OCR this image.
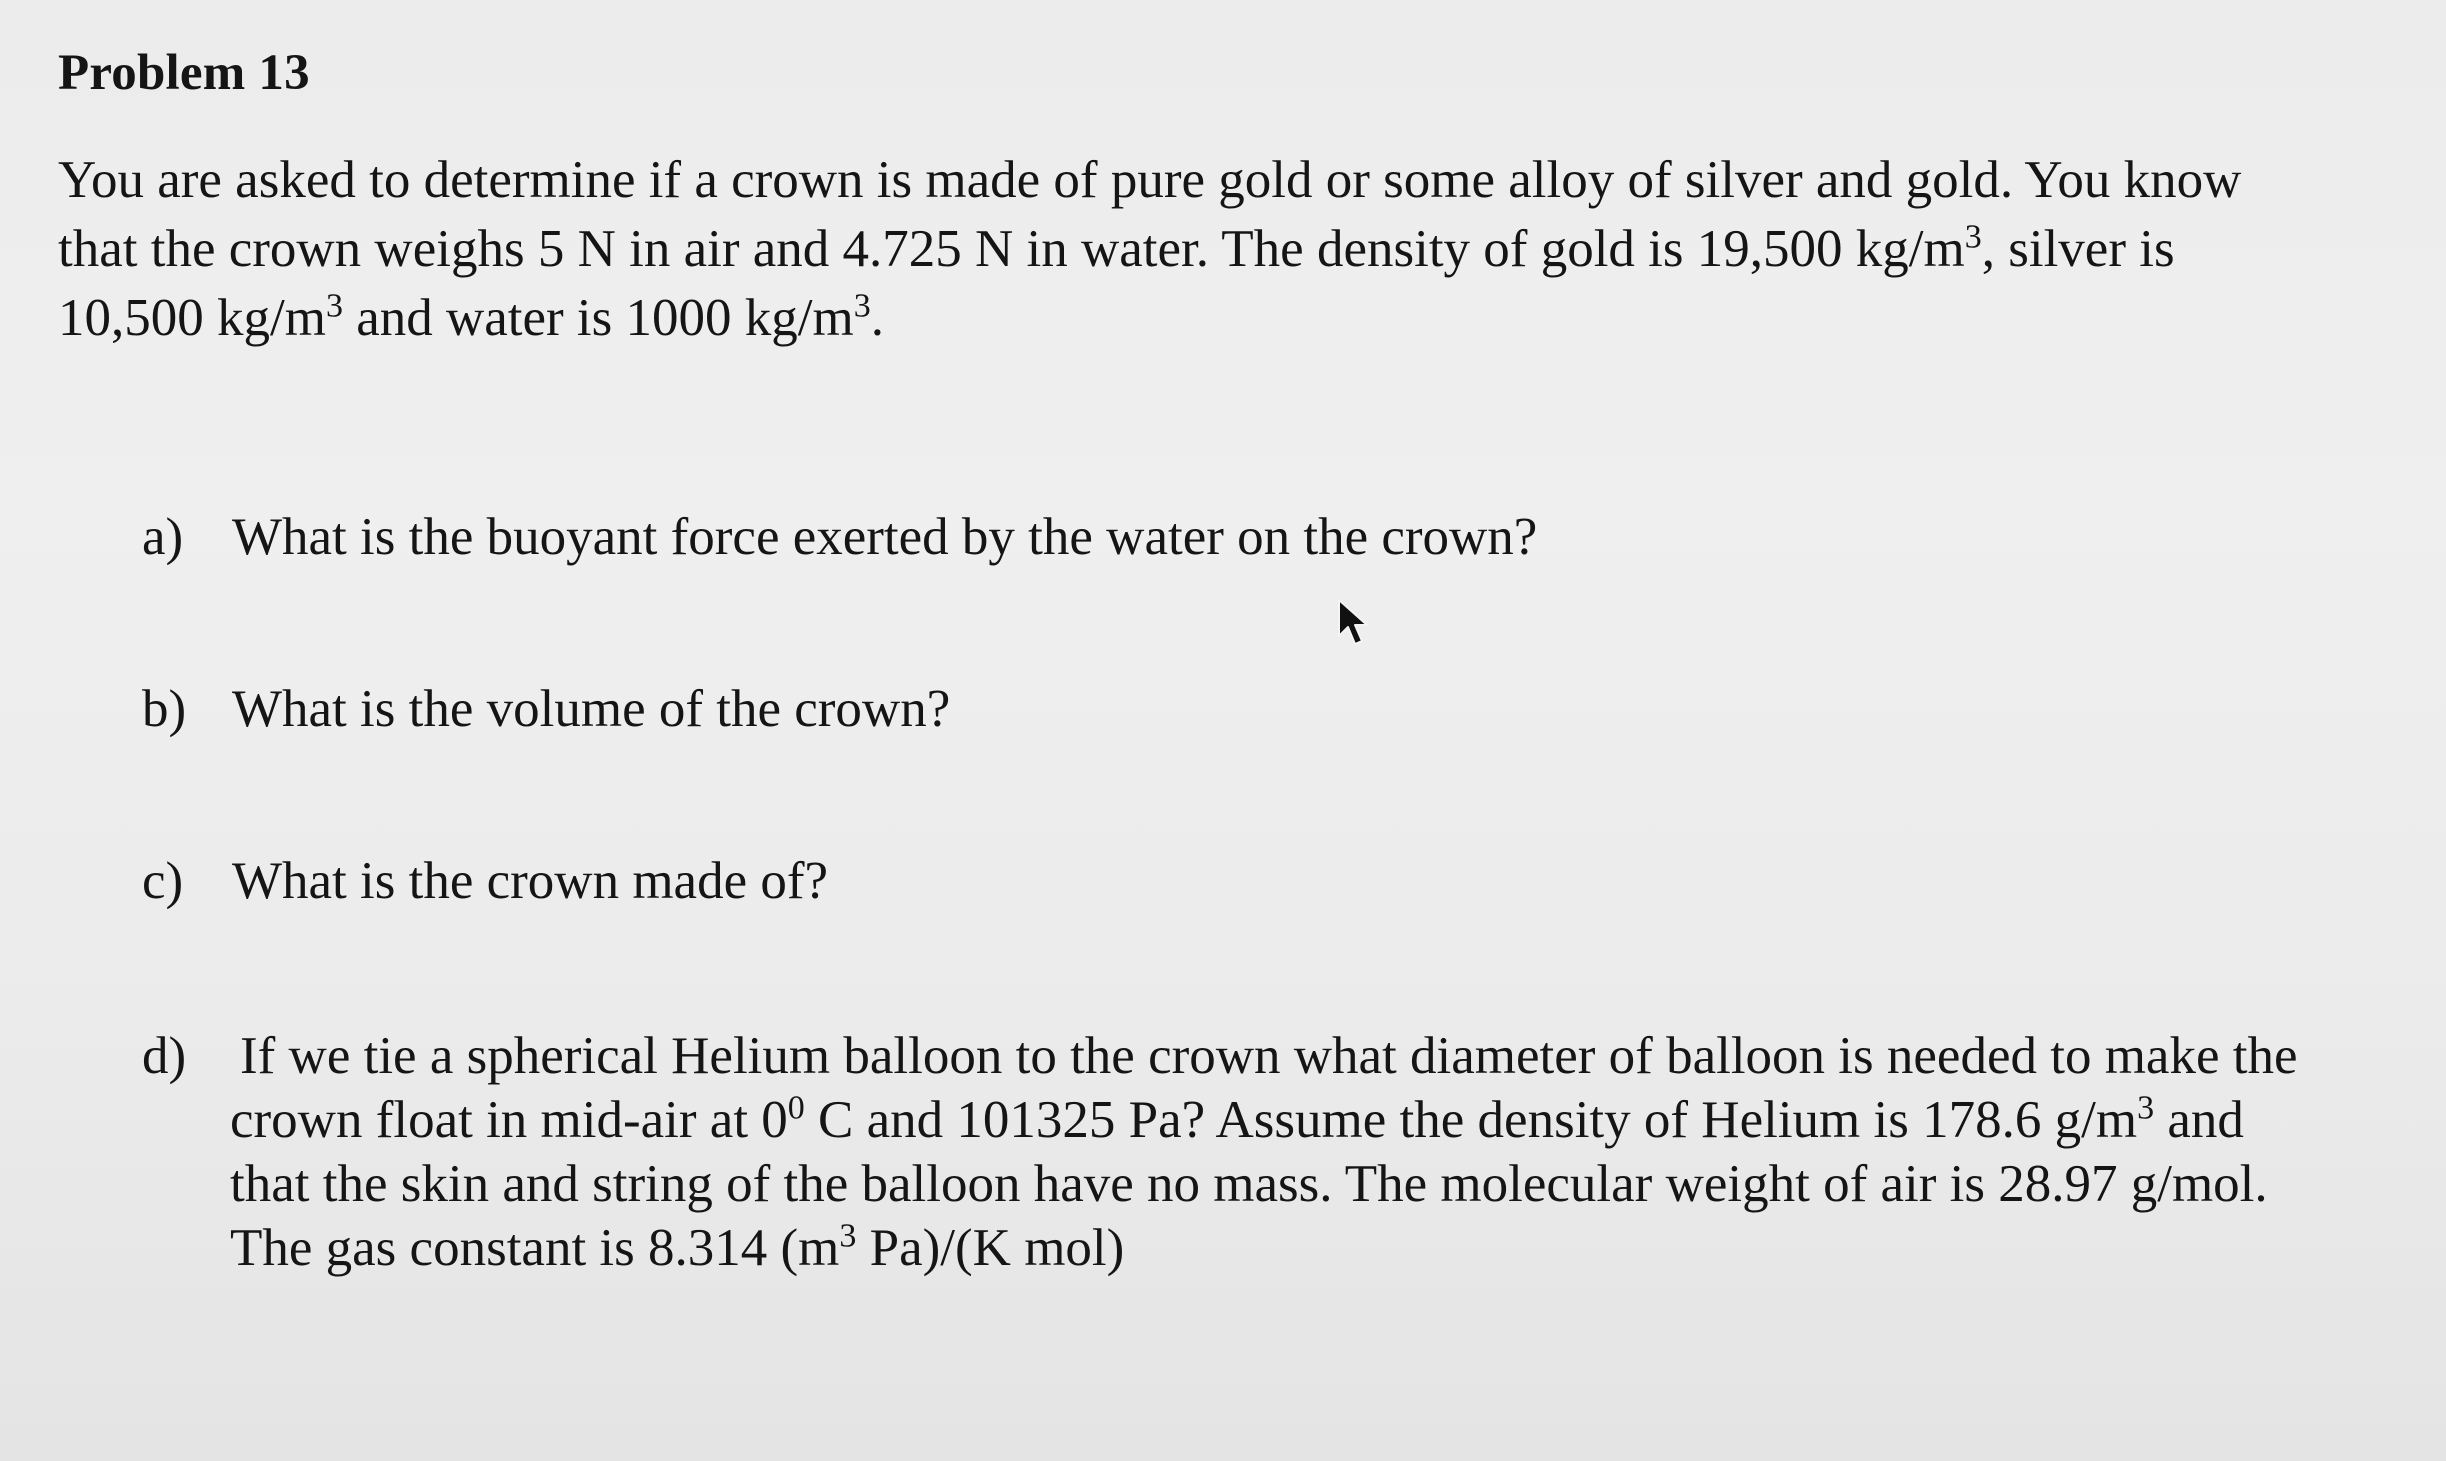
Problem 13

You are asked to determine if a crown is made of pure gold or some alloy of silver and gold. You know
that the crown weighs 5 N in air and 4.725 N in water. The density of gold is 19,500 $kg/m^3$, silver is
10,500 $kg/m^3$ and water is 1000 $kg/m^3$.

a) What is the buoyant force exerted by the water on the crown?
b) What is the volume of the crown?
c) What is the crown made of?
d) If we tie a spherical Helium balloon to the crown what diameter of balloon is needed to make the
crown float in mid-air at $0^0$ C and 101325 Pa? Assume the density of Helium is 178.6 $g/m^3$ and
that the skin and string of the balloon have no mass. The molecular weight of air is 28.97 g/mol.
The gas constant is 8.314 ($m^3$ Pa)/(K mol)
